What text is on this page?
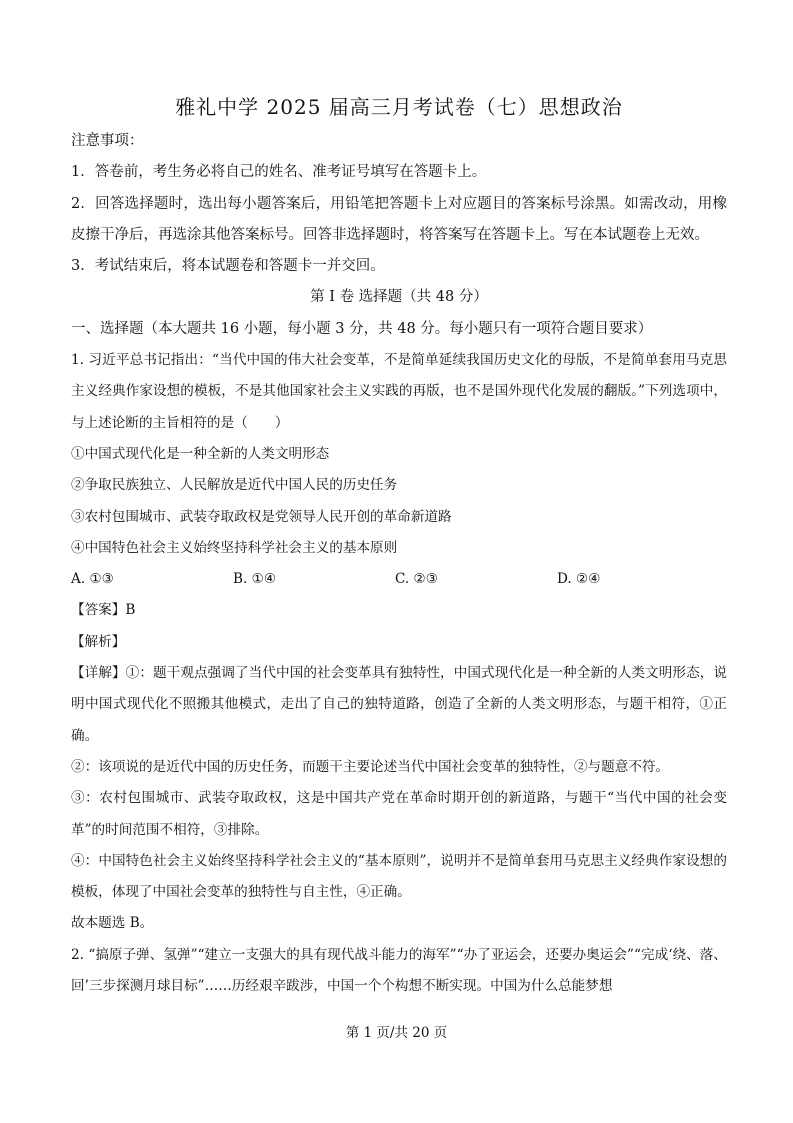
雅礼中学 2025 届高三月考试卷（七）思想政治

注意事项：

1．答卷前，考生务必将自己的姓名、准考证号填写在答题卡上。

2．回答选择题时，选出每小题答案后，用铅笔把答题卡上对应题目的答案标号涂黑。如需改动，用橡皮擦干净后，再选涂其他答案标号。回答非选择题时，将答案写在答题卡上。写在本试题卷上无效。

3．考试结束后，将本试题卷和答题卡一并交回。

第 I 卷 选择题（共 48 分）

一、选择题（本大题共 16 小题，每小题 3 分，共 48 分。每小题只有一项符合题目要求）

1. 习近平总书记指出：“当代中国的伟大社会变革，不是简单延续我国历史文化的母版，不是简单套用马克思主义经典作家设想的模板，不是其他国家社会主义实践的再版，也不是国外现代化发展的翻版。”下列选项中，与上述论断的主旨相符的是（　　）

①中国式现代化是一种全新的人类文明形态

②争取民族独立、人民解放是近代中国人民的历史任务

③农村包围城市、武装夺取政权是党领导人民开创的革命新道路

④中国特色社会主义始终坚持科学社会主义的基本原则

A. ①③	B. ①④	C. ②③	D. ②④

【答案】B

【解析】

【详解】①：题干观点强调了当代中国的社会变革具有独特性，中国式现代化是一种全新的人类文明形态，说明中国式现代化不照搬其他模式，走出了自己的独特道路，创造了全新的人类文明形态，与题干相符，①正确。

②：该项说的是近代中国的历史任务，而题干主要论述当代中国社会变革的独特性，②与题意不符。

③：农村包围城市、武装夺取政权，这是中国共产党在革命时期开创的新道路，与题干“当代中国的社会变革”的时间范围不相符，③排除。

④：中国特色社会主义始终坚持科学社会主义的“基本原则”，说明并不是简单套用马克思主义经典作家设想的模板，体现了中国社会变革的独特性与自主性，④正确。

故本题选 B。

2. “搞原子弹、氢弹”“建立一支强大的具有现代战斗能力的海军”“办了亚运会，还要办奥运会”“完成‘绕、落、回’三步探测月球目标”……历经艰辛跋涉，中国一个个构想不断实现。中国为什么总能梦想

第 1 页/共 20 页
